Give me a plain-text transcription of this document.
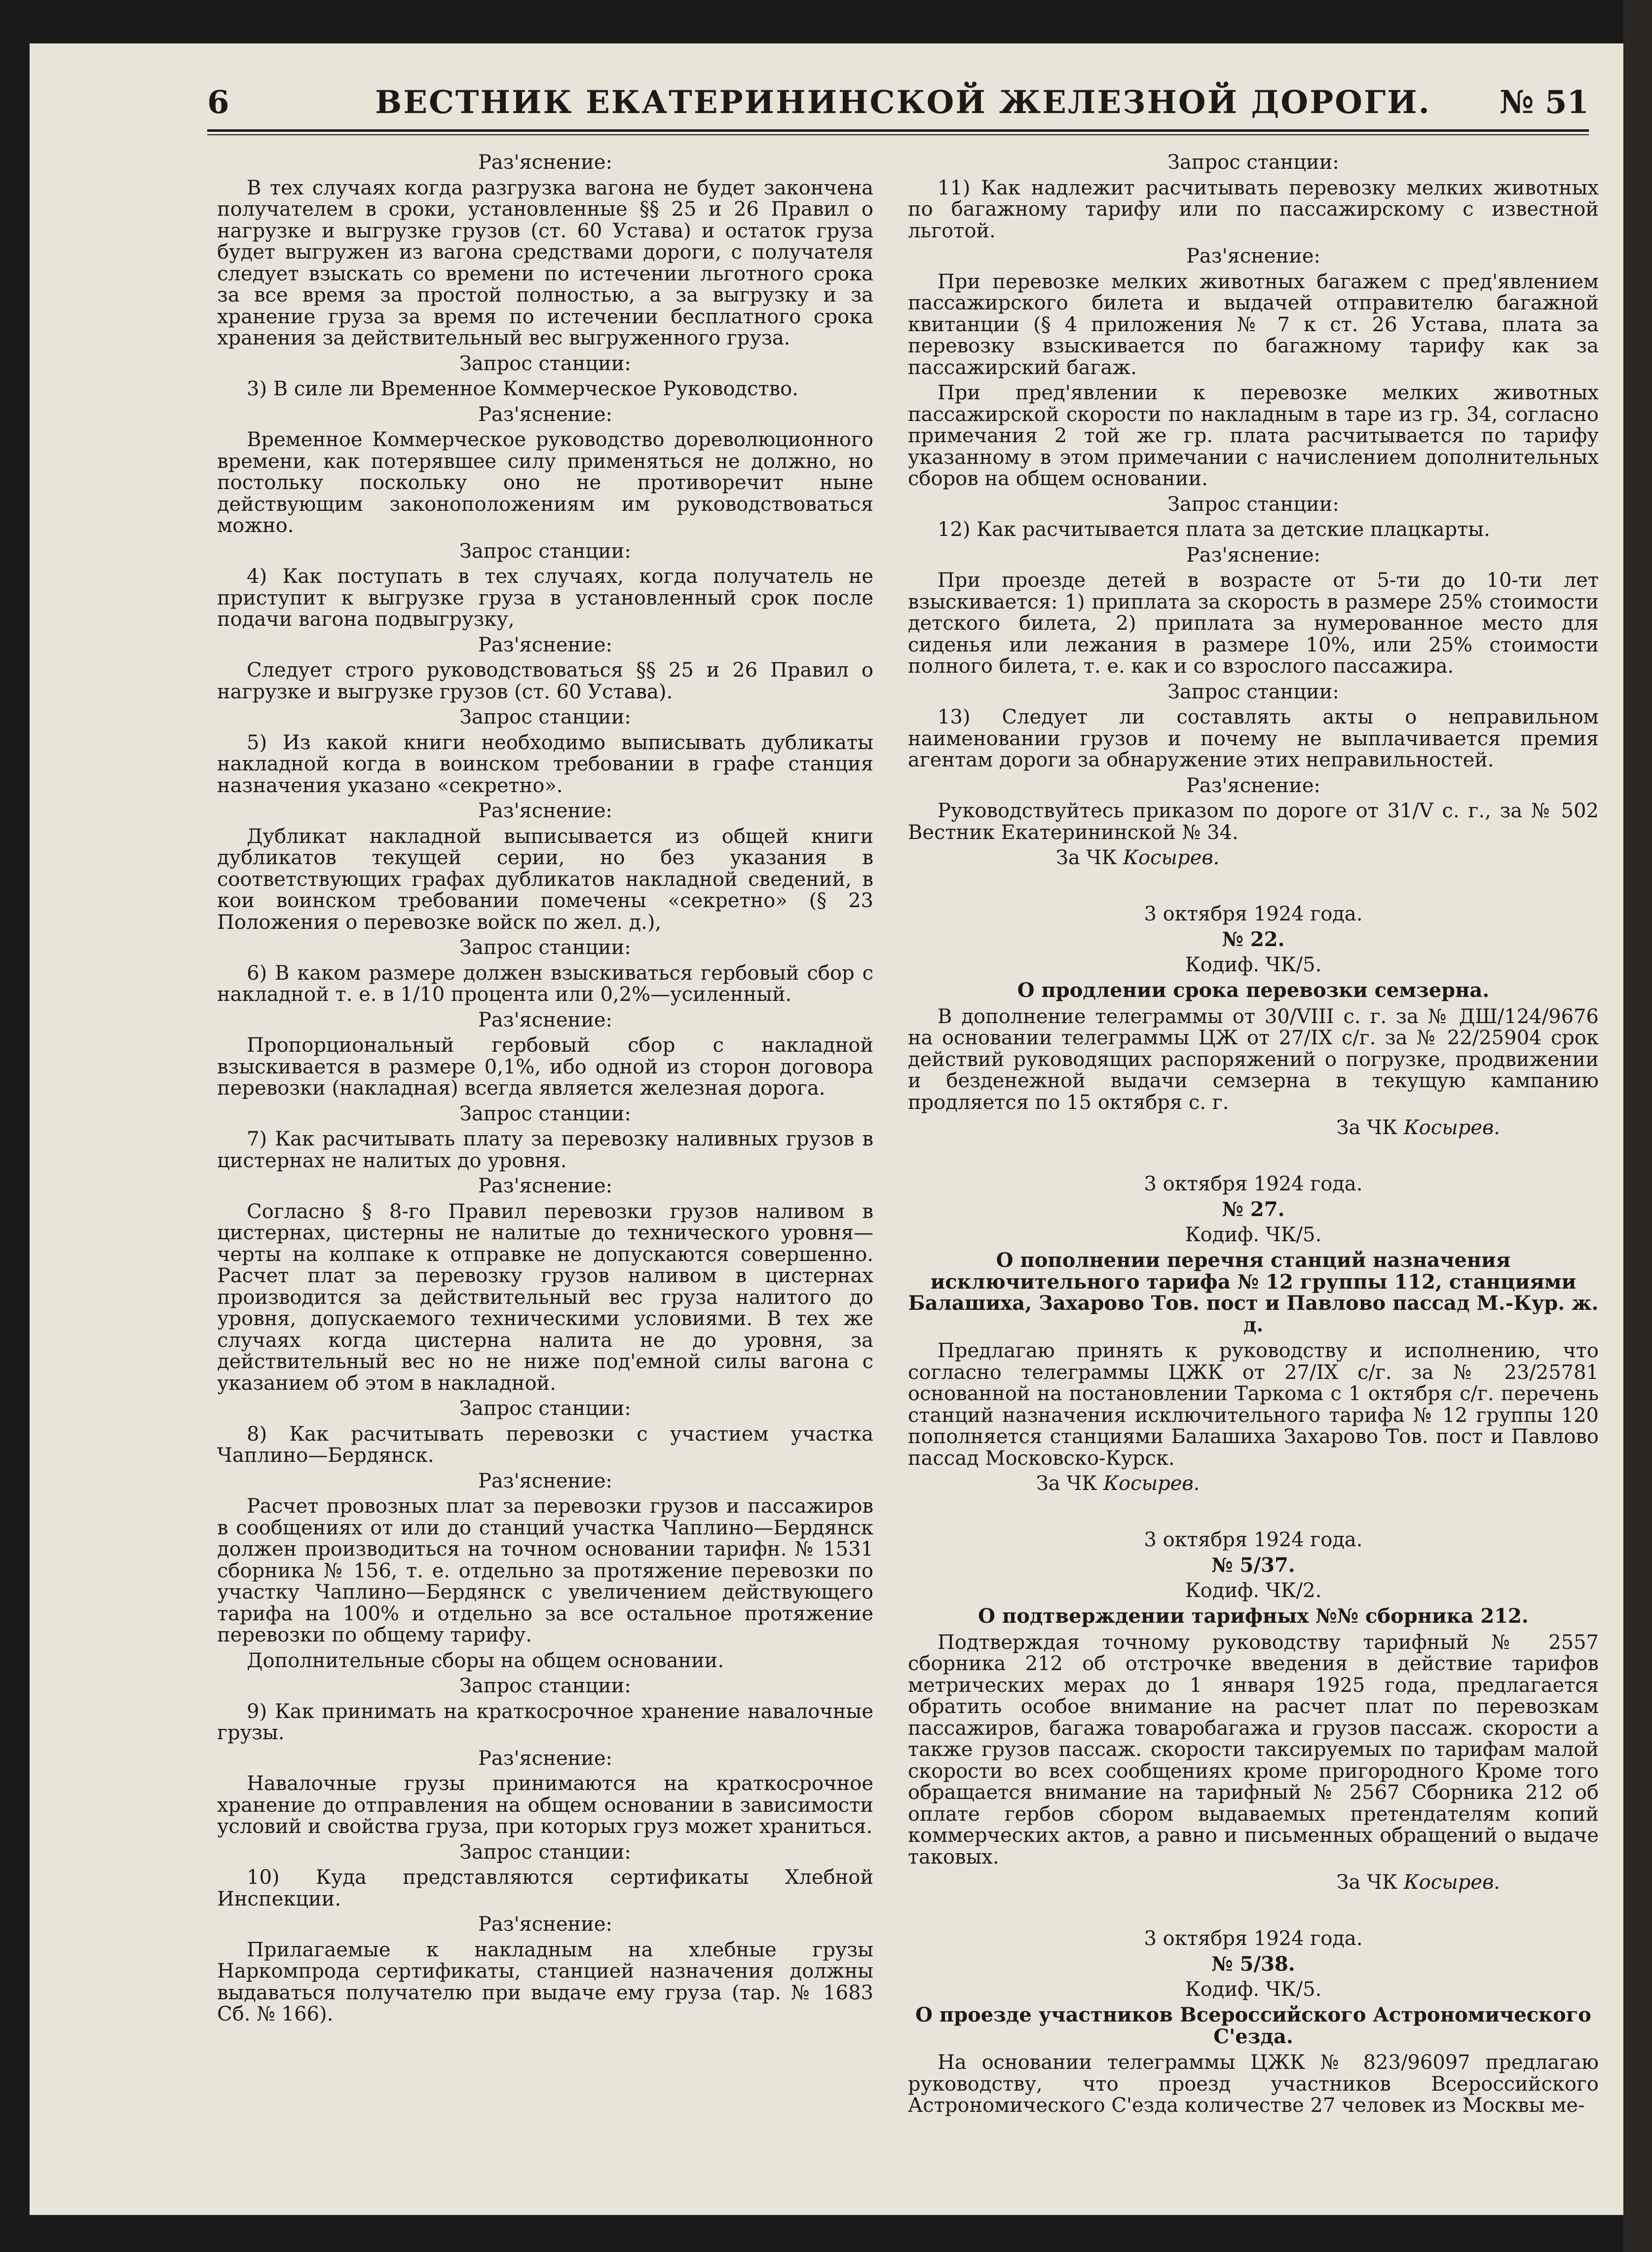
6	ВЕСТНИК ЕКАТЕРИНИНСКОЙ ЖЕЛЕЗНОЙ ДОРОГИ. № 51

Раз'яснение:

В тех случаях когда разгрузка вагона не будет закончена получателем в сроки, установленные §§ 25 и 26 Правил о нагрузке и выгрузке грузов (ст. 60 Устава) и остаток груза будет выгружен из вагона средствами дороги, с получателя следует взыскать со времени по истечении льготного срока за все время за простой полностью, а за выгрузку и за хранение груза за время по истечении бесплатного срока хранения за действительный вес выгруженного груза.

Запрос станции:

3) В силе ли Временное Коммерческое Руководство.

Раз'яснение:

Временное Коммерческое руководство дореволюционного времени, как потерявшее силу применяться не должно, но постольку поскольку оно не противоречит ныне действующим законоположениям им руководствоваться можно.

Запрос станции:

4) Как поступать в тех случаях, когда получатель не приступит к выгрузке груза в установленный срок после подачи вагона подвыгрузку,

Раз'яснение:

Следует строго руководствоваться §§ 25 и 26 Правил о нагрузке и выгрузке грузов (ст. 60 Устава).

Запрос станции:

5) Из какой книги необходимо выписывать дубликаты накладной когда в воинском требовании в графе станция назначения указано «секретно».

Раз'яснение:

Дубликат накладной выписывается из общей книги дубликатов текущей серии, но без указания в соответствующих графах дубликатов накладной сведений, в кои воинском требовании помечены «секретно» (§ 23 Положения о перевозке войск по жел. д.),

Запрос станции:

6) В каком размере должен взыскиваться гербовый сбор с накладной т. е. в 1/10 процента или 0,2%—усиленный.

Раз'яснение:

Пропорциональный гербовый сбор с накладной взыскивается в размере 0,1%, ибо одной из сторон договора перевозки (накладная) всегда является железная дорога.

Запрос станции:

7) Как расчитывать плату за перевозку наливных грузов в цистернах не налитых до уровня.

Раз'яснение:

Согласно § 8-го Правил перевозки грузов наливом в цистернах, цистерны не налитые до технического уровня—черты на колпаке к отправке не допускаются совершенно. Расчет плат за перевозку грузов наливом в цистернах производится за действительный вес груза налитого до уровня, допускаемого техническими условиями. В тех же случаях когда цистерна налита не до уровня, за действительный вес но не ниже под'емной силы вагона с указанием об этом в накладной.

Запрос станции:

8) Как расчитывать перевозки с участием участка Чаплино—Бердянск.

Раз'яснение:

Расчет провозных плат за перевозки грузов и пассажиров в сообщениях от или до станций участка Чаплино—Бердянск должен производиться на точном основании тарифн. № 1531 сборника № 156, т. е. отдельно за протяжение перевозки по участку Чаплино—Бердянск с увеличением действующего тарифа на 100% и отдельно за все остальное протяжение перевозки по общему тарифу.

Дополнительные сборы на общем основании.

Запрос станции:

9) Как принимать на краткосрочное хранение навалочные грузы.

Раз'яснение:

Навалочные грузы принимаются на краткосрочное хранение до отправления на общем основании в зависимости условий и свойства груза, при которых груз может храниться.

Запрос станции:

10) Куда представляются сертификаты Хлебной Инспекции.

Раз'яснение:

Прилагаемые к накладным на хлебные грузы Наркомпрода сертификаты, станцией назначения должны выдаваться получателю при выдаче ему груза (тар. № 1683 Сб. № 166).

Запрос станции:

11) Как надлежит расчитывать перевозку мелких животных по багажному тарифу или по пассажирскому с известной льготой.

Раз'яснение:

При перевозке мелких животных багажем с пред'явлением пассажирского билета и выдачей отправителю багажной квитанции (§ 4 приложения № 7 к ст. 26 Устава, плата за перевозку взыскивается по багажному тарифу как за пассажирский багаж.

При пред'явлении к перевозке мелких животных пассажирской скорости по накладным в таре из гр. 34, согласно примечания 2 той же гр. плата расчитывается по тарифу указанному в этом примечании с начислением дополнительных сборов на общем основании.

Запрос станции:

12) Как расчитывается плата за детские плацкарты.

Раз'яснение:

При проезде детей в возрасте от 5-ти до 10-ти лет взыскивается: 1) приплата за скорость в размере 25% стоимости детского билета, 2) приплата за нумерованное место для сиденья или лежания в размере 10%, или 25% стоимости полного билета, т. е. как и со взрослого пассажира.

Запрос станции:

13) Следует ли составлять акты о неправильном наименовании грузов и почему не выплачивается премия агентам дороги за обнаружение этих неправильностей.

Раз'яснение:

Руководствуйтесь приказом по дороге от 31/V с. г., за № 502 Вестник Екатерининской № 34.

За ЧК Косырев.

3 октября 1924 года.

№ 22.

Кодиф. ЧК/5.

О продлении срока перевозки семзерна.

В дополнение телеграммы от 30/VIII с. г. за № ДШ/124/9676 на основании телеграммы ЦЖ от 27/IX с/г. за № 22/25904 срок действий руководящих распоряжений о погрузке, продвижении и безденежной выдачи семзерна в текущую кампанию продляется по 15 октября с. г.

За ЧК Косырев.

3 октября 1924 года.

№ 27.

Кодиф. ЧК/5.

О пополнении перечня станций назначения исключительного тарифа № 12 группы 112, станциями Балашиха, Захарово Тов. пост и Павлово пассад М.-Кур. ж. д.

Предлагаю принять к руководству и исполнению, что согласно телеграммы ЦЖК от 27/IX с/г. за № 23/25781 основанной на постановлении Таркома с 1 октября с/г. перечень станций назначения исключительного тарифа № 12 группы 120 пополняется станциями Балашиха Захарово Тов. пост и Павлово пассад Московско-Курск.

За ЧК Косырев.

3 октября 1924 года.

№ 5/37.

Кодиф. ЧК/2.

О подтверждении тарифных №№ сборника 212.

Подтверждая точному руководству тарифный № 2557 сборника 212 об отстрочке введения в действие тарифов метрических мерах до 1 января 1925 года, предлагается обратить особое внимание на расчет плат по перевозкам пассажиров, багажа товаробагажа и грузов пассаж. скорости а также грузов пассаж. скорости таксируемых по тарифам малой скорости во всех сообщениях кроме пригородного Кроме того обращается внимание на тарифный № 2567 Сборника 212 об оплате гербов сбором выдаваемых претендателям копий коммерческих актов, а равно и письменных обращений о выдаче таковых.

За ЧК Косырев.

3 октября 1924 года.

№ 5/38.

Кодиф. ЧК/5.

О проезде участников Всероссийского Астрономического С'езда.

На основании телеграммы ЦЖК № 823/96097 предлагаю руководству, что проезд участников Всероссийского Астрономического С'езда количестве 27 человек из Москвы ме-
